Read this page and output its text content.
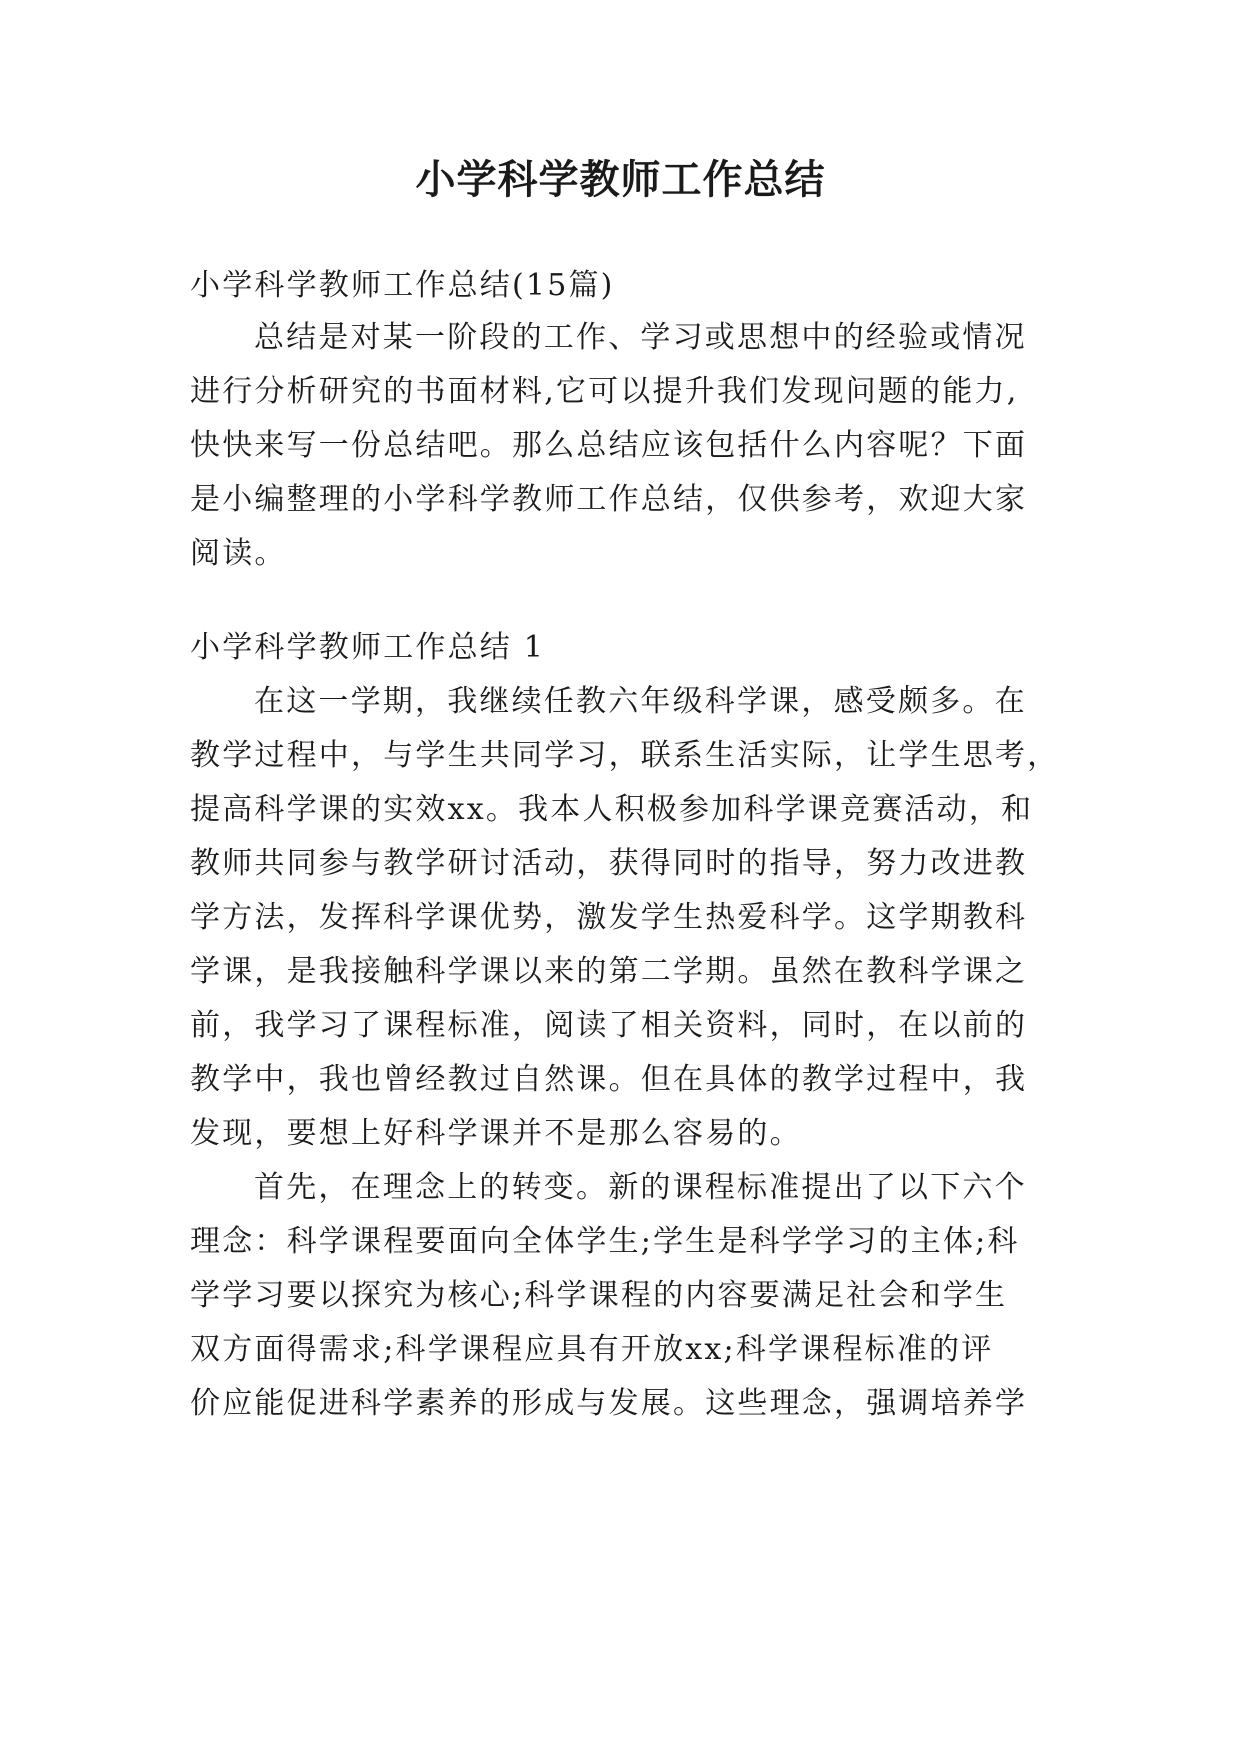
小学科学教师工作总结
小学科学教师工作总结(15篇)
总结是对某一阶段的工作、学习或思想中的经验或情况
进行分析研究的书面材料,它可以提升我们发现问题的能力,
快快来写一份总结吧。那么总结应该包括什么内容呢？下面
是小编整理的小学科学教师工作总结，仅供参考，欢迎大家
阅读。
小学科学教师工作总结 1
在这一学期，我继续任教六年级科学课，感受颇多。在
教学过程中，与学生共同学习，联系生活实际，让学生思考，
提高科学课的实效xx。我本人积极参加科学课竞赛活动，和
教师共同参与教学研讨活动，获得同时的指导，努力改进教
学方法，发挥科学课优势，激发学生热爱科学。这学期教科
学课，是我接触科学课以来的第二学期。虽然在教科学课之
前，我学习了课程标准，阅读了相关资料，同时，在以前的
教学中，我也曾经教过自然课。但在具体的教学过程中，我
发现，要想上好科学课并不是那么容易的。
首先，在理念上的转变。新的课程标准提出了以下六个
理念：科学课程要面向全体学生;学生是科学学习的主体;科
学学习要以探究为核心;科学课程的内容要满足社会和学生
双方面得需求;科学课程应具有开放xx;科学课程标准的评
价应能促进科学素养的形成与发展。这些理念，强调培养学
